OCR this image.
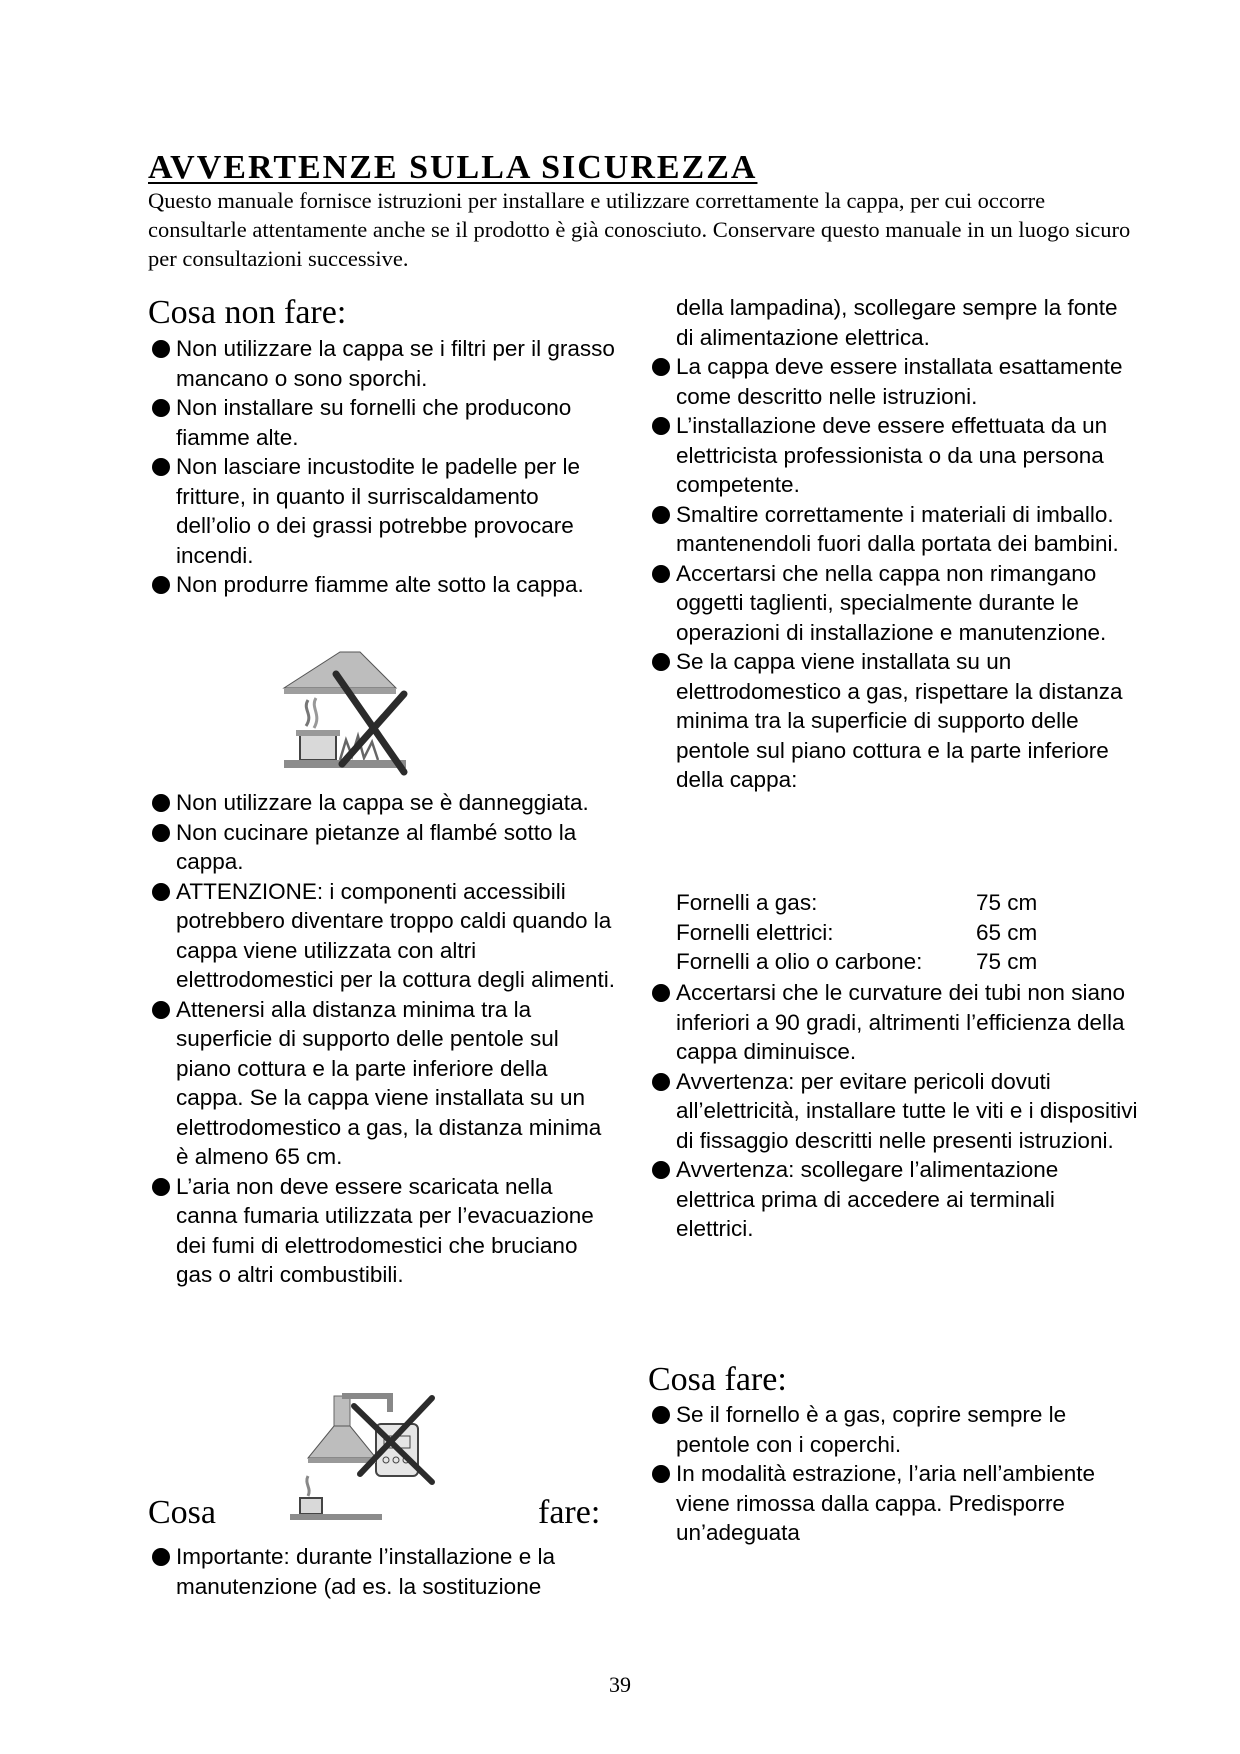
AVVERTENZE SULLA SICUREZZA

Questo manuale fornisce istruzioni per installare e utilizzare correttamente la cappa, per cui occorre consultarle attentamente anche se il prodotto è già conosciuto. Conservare questo manuale in un luogo sicuro per consultazioni successive.

Cosa non fare:
Non utilizzare la cappa se i filtri per il grasso mancano o sono sporchi.
Non installare su fornelli che producono fiamme alte.
Non lasciare incustodite le padelle per le fritture, in quanto il surriscaldamento dell’olio o dei grassi potrebbe provocare incendi.
Non produrre fiamme alte sotto la cappa.
Non utilizzare la cappa se è danneggiata.
Non cucinare pietanze al flambé sotto la cappa.
ATTENZIONE: i componenti accessibili potrebbero diventare troppo caldi quando la cappa viene utilizzata con altri elettrodomestici per la cottura degli alimenti.
Attenersi alla distanza minima tra la superficie di supporto delle pentole sul piano cottura e la parte inferiore della cappa. Se la cappa viene installata su un elettrodomestico a gas, la distanza minima è almeno 65 cm.
L’aria non deve essere scaricata nella canna fumaria utilizzata per l’evacuazione dei fumi di elettrodomestici che bruciano gas o altri combustibili.
Cosa	fare:
Importante: durante l’installazione e la manutenzione (ad es. la sostituzione
della lampadina), scollegare sempre la fonte di alimentazione elettrica.
La cappa deve essere installata esattamente come descritto nelle istruzioni.
L’installazione deve essere effettuata da un elettricista professionista o da una persona competente.
Smaltire correttamente i materiali di imballo. mantenendoli fuori dalla portata dei bambini.
Accertarsi che nella cappa non rimangano oggetti taglienti, specialmente durante le operazioni di installazione e manutenzione.
Se la cappa viene installata su un elettrodomestico a gas, rispettare la distanza minima tra la superficie di supporto delle pentole sul piano cottura e la parte inferiore della cappa:
Fornelli a gas:	75 cm
Fornelli elettrici:	65 cm
Fornelli a olio o carbone:	75 cm
Accertarsi che le curvature dei tubi non siano inferiori a 90 gradi, altrimenti l’efficienza della cappa diminuisce.
Avvertenza: per evitare pericoli dovuti all’elettricità, installare tutte le viti e i dispositivi di fissaggio descritti nelle presenti istruzioni.
Avvertenza: scollegare l’alimentazione elettrica prima di accedere ai terminali elettrici.
Cosa fare:
Se il fornello è a gas, coprire sempre le pentole con i coperchi.
In modalità estrazione, l’aria nell’ambiente viene rimossa dalla cappa. Predisporre un’adeguata
39
